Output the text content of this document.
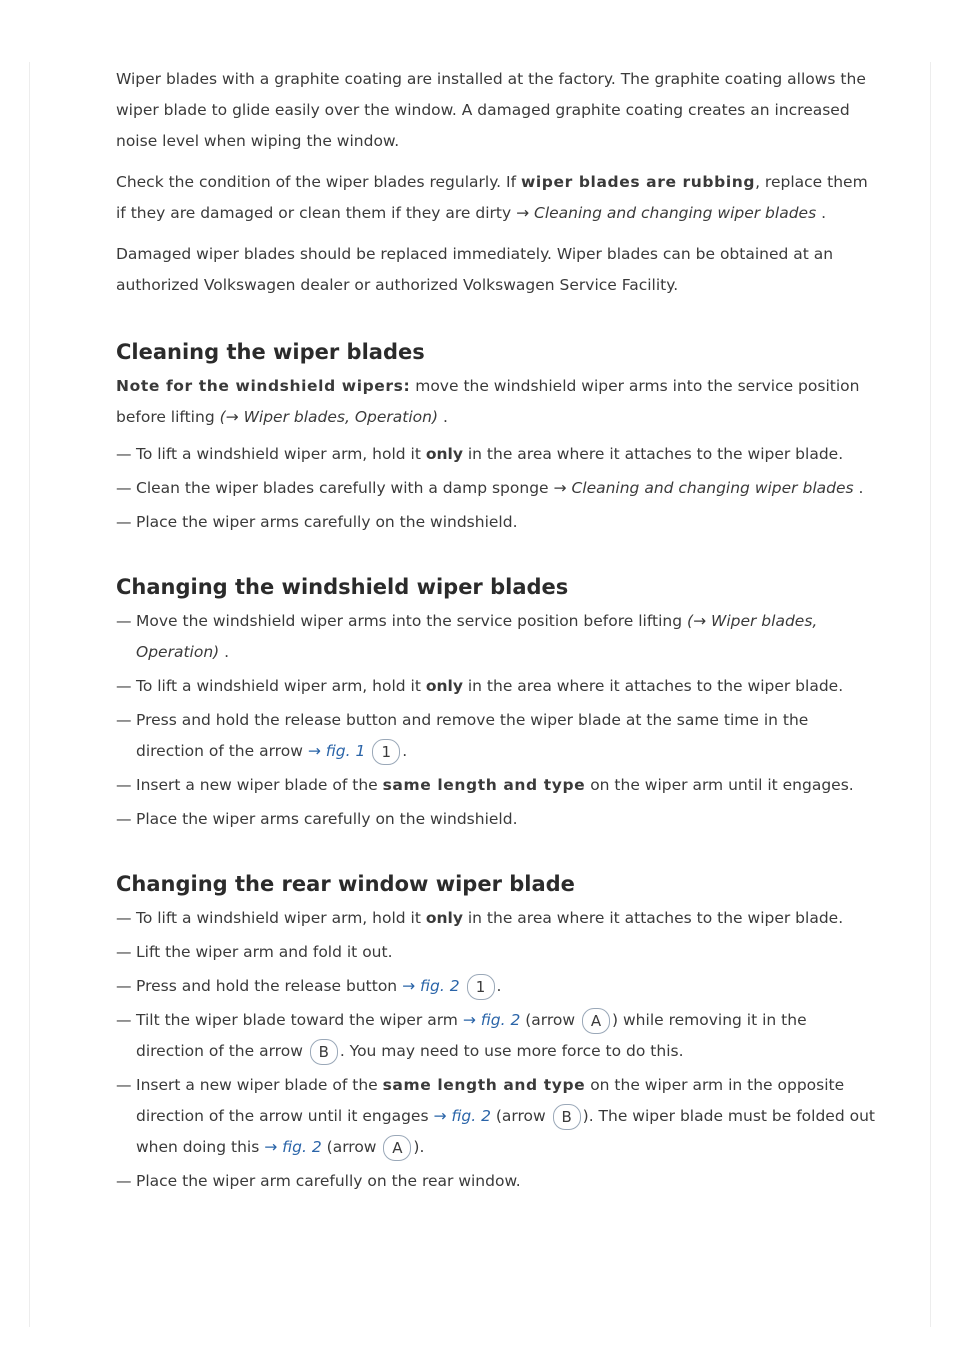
Wiper blades with a graphite coating are installed at the factory. The graphite coating allows the wiper blade to glide easily over the window. A damaged graphite coating creates an increased noise level when wiping the window.

Check the condition of the wiper blades regularly. If wiper blades are rubbing, replace them if they are damaged or clean them if they are dirty → Cleaning and changing wiper blades .

Damaged wiper blades should be replaced immediately. Wiper blades can be obtained at an authorized Volkswagen dealer or authorized Volkswagen Service Facility.

Cleaning the wiper blades

Note for the windshield wipers: move the windshield wiper arms into the service position before lifting (→ Wiper blades, Operation) .

— To lift a windshield wiper arm, hold it only in the area where it attaches to the wiper blade.
— Clean the wiper blades carefully with a damp sponge → Cleaning and changing wiper blades .
— Place the wiper arms carefully on the windshield.
Changing the windshield wiper blades
— Move the windshield wiper arms into the service position before lifting (→ Wiper blades, Operation) .
— To lift a windshield wiper arm, hold it only in the area where it attaches to the wiper blade.
— Press and hold the release button and remove the wiper blade at the same time in the direction of the arrow → fig. 1 1 .
— Insert a new wiper blade of the same length and type on the wiper arm until it engages.
— Place the wiper arms carefully on the windshield.
Changing the rear window wiper blade
— To lift a windshield wiper arm, hold it only in the area where it attaches to the wiper blade.
— Lift the wiper arm and fold it out.
— Press and hold the release button → fig. 2 1 .
— Tilt the wiper blade toward the wiper arm → fig. 2 (arrow A ) while removing it in the direction of the arrow B . You may need to use more force to do this.
— Insert a new wiper blade of the same length and type on the wiper arm in the opposite direction of the arrow until it engages → fig. 2 (arrow B ). The wiper blade must be folded out when doing this → fig. 2 (arrow A ).
— Place the wiper arm carefully on the rear window.
